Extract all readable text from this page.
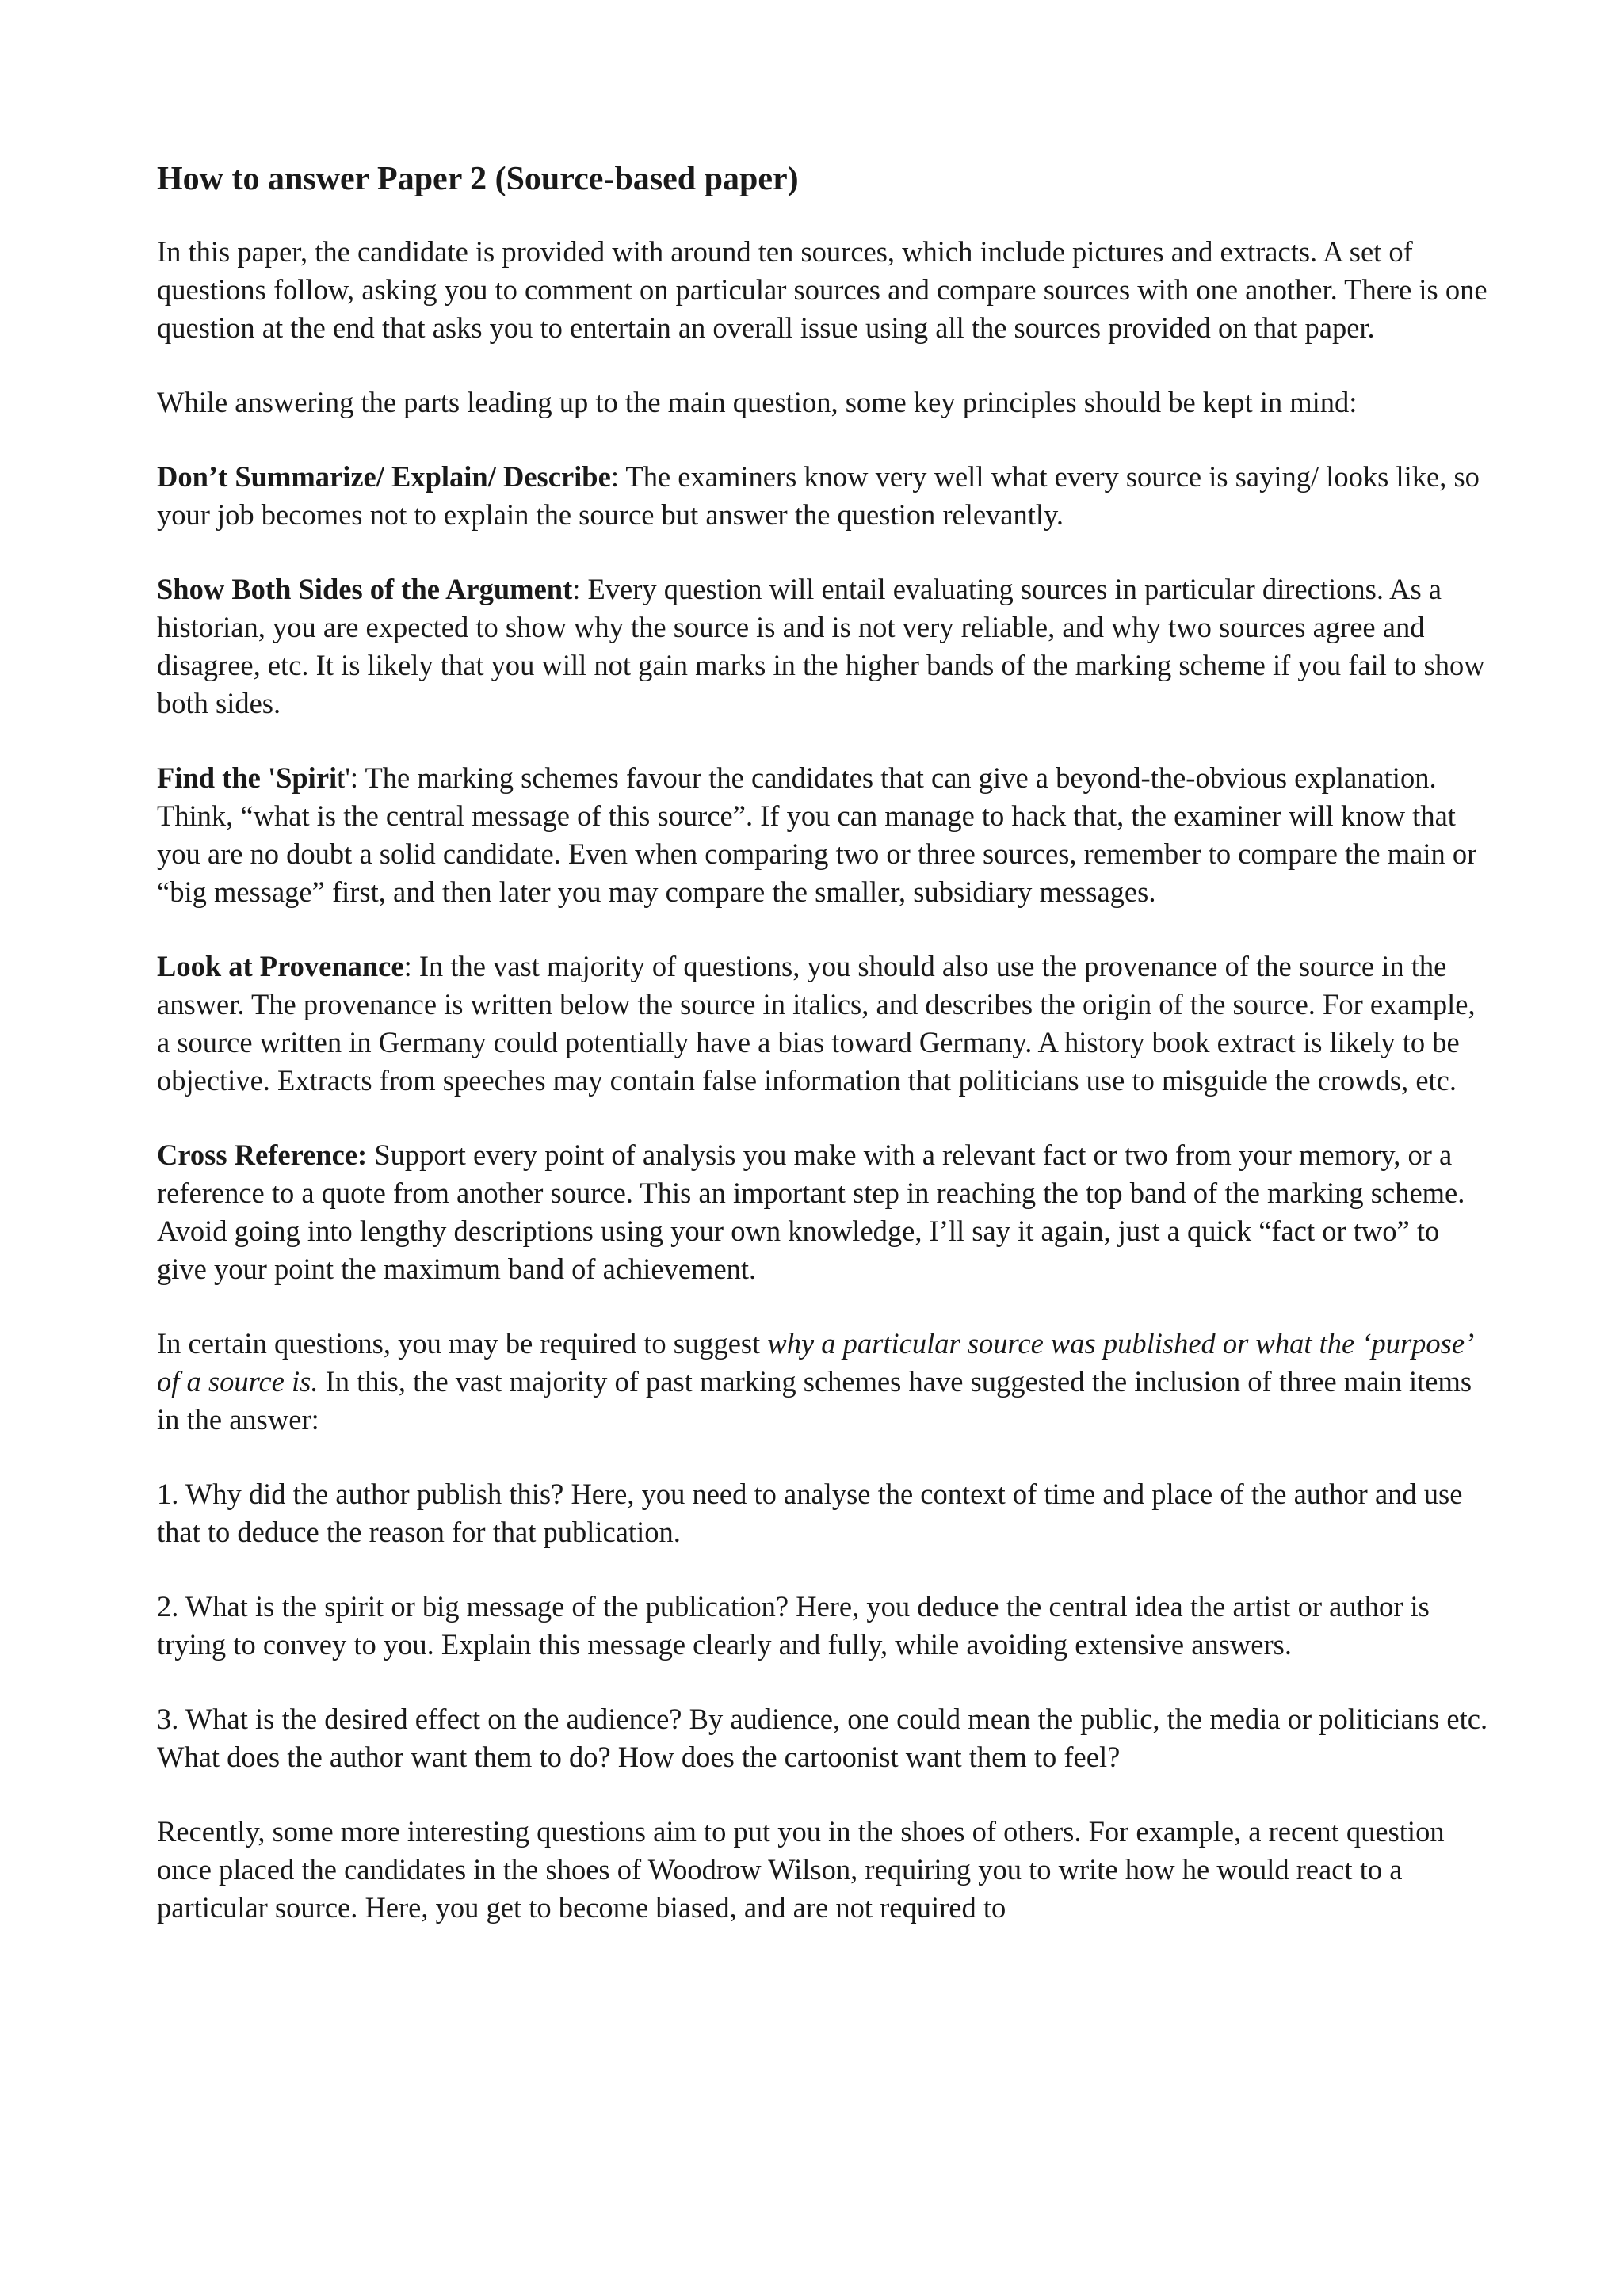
How to answer Paper 2 (Source-based paper)

In this paper, the candidate is provided with around ten sources, which include pictures and extracts. A set of questions follow, asking you to comment on particular sources and compare sources with one another. There is one question at the end that asks you to entertain an overall issue using all the sources provided on that paper.

While answering the parts leading up to the main question, some key principles should be kept in mind:

Don’t Summarize/ Explain/ Describe: The examiners know very well what every source is saying/ looks like, so your job becomes not to explain the source but answer the question relevantly.

Show Both Sides of the Argument: Every question will entail evaluating sources in particular directions. As a historian, you are expected to show why the source is and is not very reliable, and why two sources agree and disagree, etc. It is likely that you will not gain marks in the higher bands of the marking scheme if you fail to show both sides.

Find the 'Spirit': The marking schemes favour the candidates that can give a beyond-the-obvious explanation. Think, “what is the central message of this source”. If you can manage to hack that, the examiner will know that you are no doubt a solid candidate. Even when comparing two or three sources, remember to compare the main or “big message” first, and then later you may compare the smaller, subsidiary messages.

Look at Provenance: In the vast majority of questions, you should also use the provenance of the source in the answer. The provenance is written below the source in italics, and describes the origin of the source. For example, a source written in Germany could potentially have a bias toward Germany. A history book extract is likely to be objective. Extracts from speeches may contain false information that politicians use to misguide the crowds, etc.

Cross Reference: Support every point of analysis you make with a relevant fact or two from your memory, or a reference to a quote from another source. This an important step in reaching the top band of the marking scheme. Avoid going into lengthy descriptions using your own knowledge, I’ll say it again, just a quick “fact or two” to give your point the maximum band of achievement.

In certain questions, you may be required to suggest why a particular source was published or what the ‘purpose’ of a source is. In this, the vast majority of past marking schemes have suggested the inclusion of three main items in the answer:

1. Why did the author publish this? Here, you need to analyse the context of time and place of the author and use that to deduce the reason for that publication.

2. What is the spirit or big message of the publication? Here, you deduce the central idea the artist or author is trying to convey to you. Explain this message clearly and fully, while avoiding extensive answers.

3. What is the desired effect on the audience? By audience, one could mean the public, the media or politicians etc. What does the author want them to do? How does the cartoonist want them to feel?

Recently, some more interesting questions aim to put you in the shoes of others. For example, a recent question once placed the candidates in the shoes of Woodrow Wilson, requiring you to write how he would react to a particular source. Here, you get to become biased, and are not required to
